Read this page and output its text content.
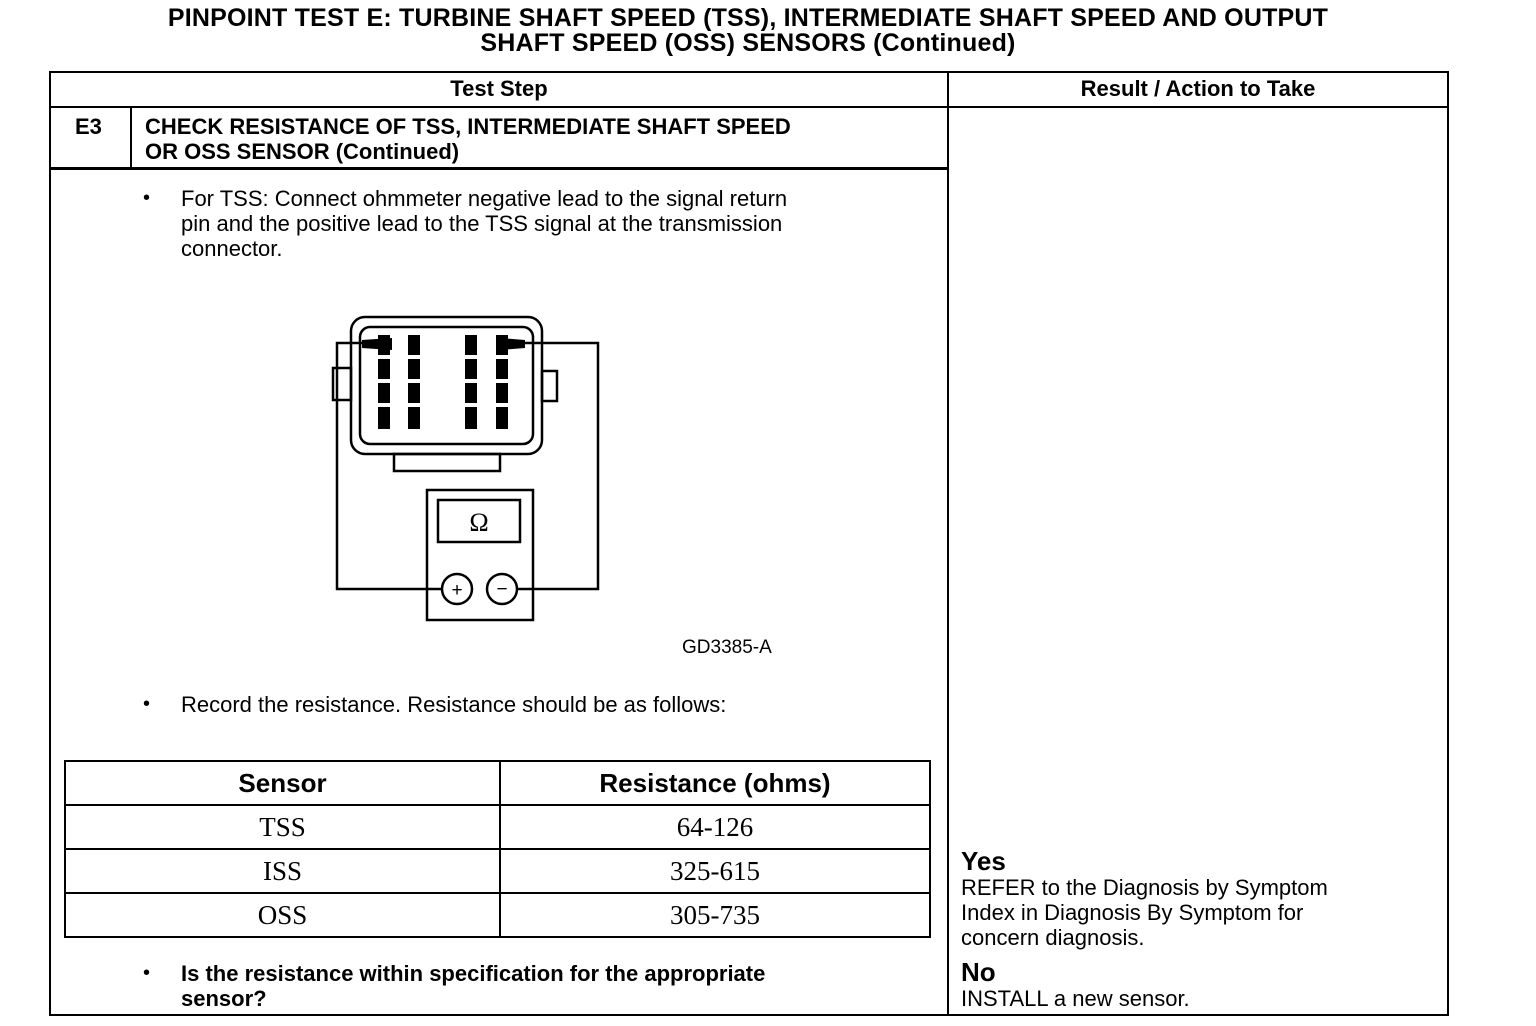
PINPOINT TEST E: TURBINE SHAFT SPEED (TSS), INTERMEDIATE SHAFT SPEED AND OUTPUT
SHAFT SPEED (OSS) SENSORS (Continued)
Test Step	Result / Action to Take
E3 CHECK RESISTANCE OF TSS, INTERMEDIATE SHAFT SPEED
OR OSS SENSOR (Continued)
• For TSS: Connect ohmmeter negative lead to the signal return
pin and the positive lead to the TSS signal at the transmission
connector.
Ω
+ −
GD3385-A
• Record the resistance. Resistance should be as follows:
Sensor	Resistance (ohms)
TSS	64-126
ISS	325-615
OSS	305-735
• Is the resistance within specification for the appropriate
sensor?
Yes
REFER to the Diagnosis by Symptom
Index in Diagnosis By Symptom for
concern diagnosis.
No
INSTALL a new sensor.
